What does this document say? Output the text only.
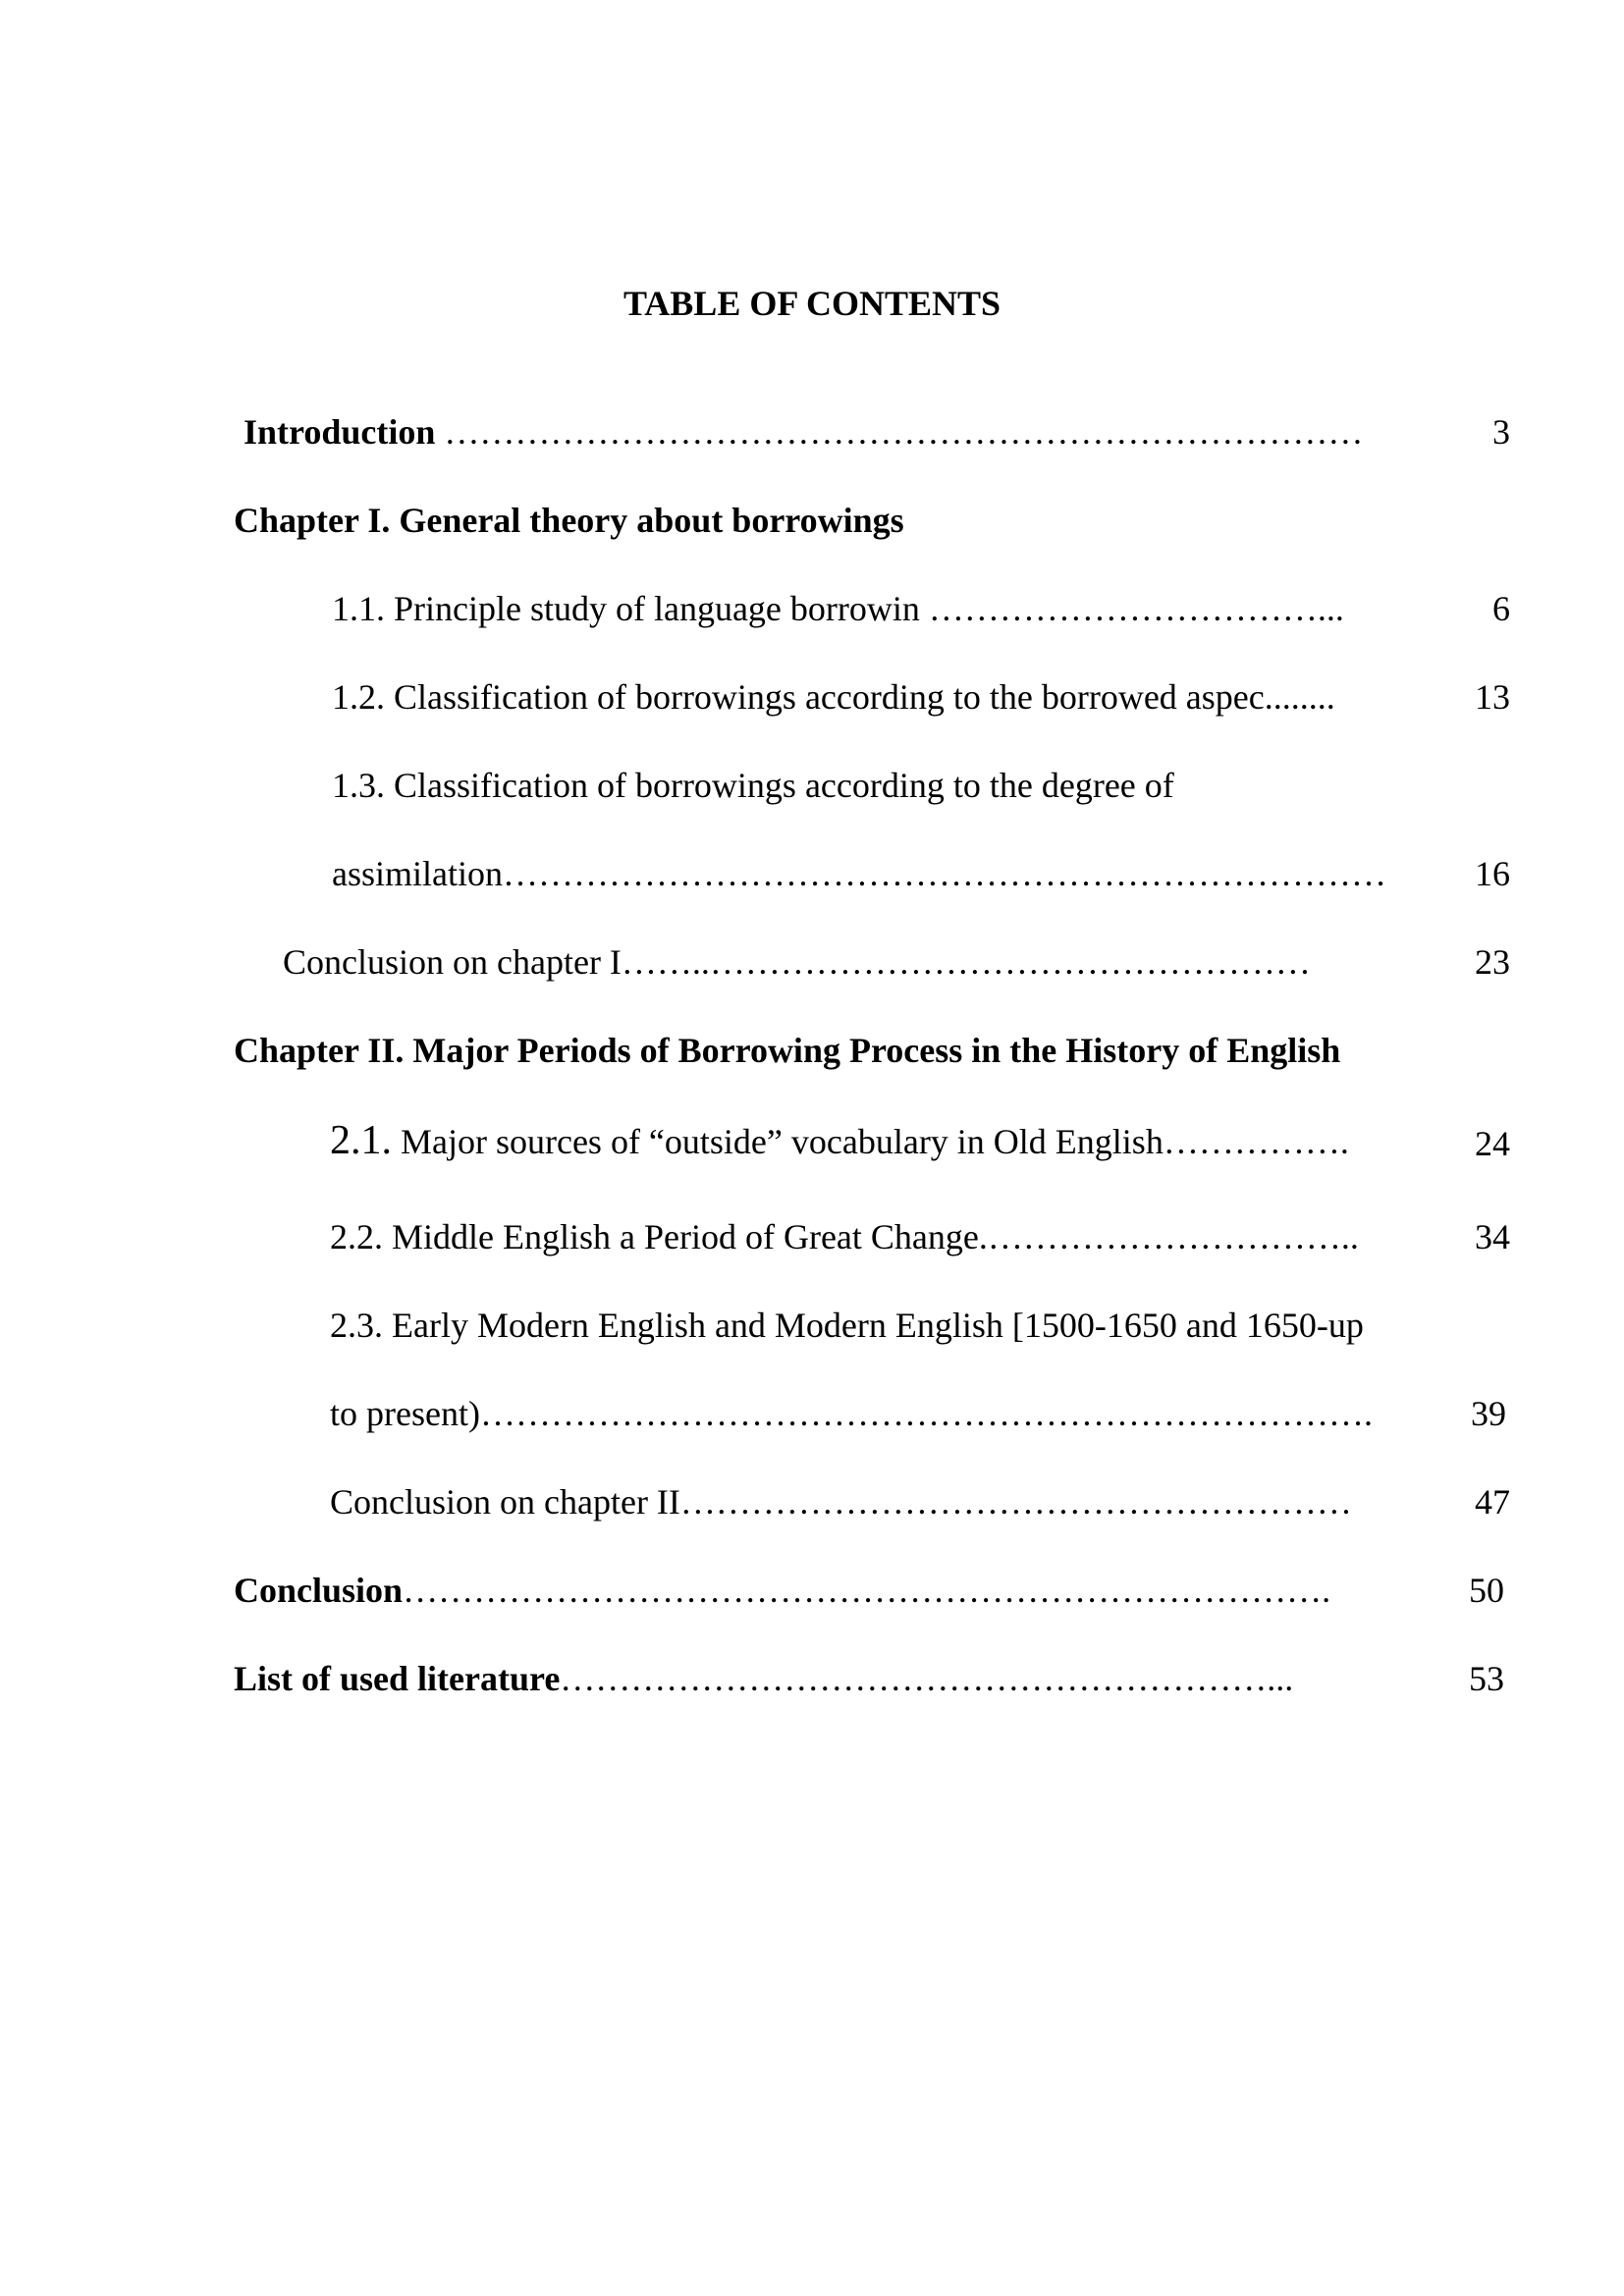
TABLE OF CONTENTS
Introduction ……………………………………………………………………	3
Chapter I. General theory about borrowings
1.1. Principle study of language borrowin ……………………………...	6
1.2. Classification of borrowings according to the borrowed aspec........	13
1.3. Classification of borrowings according to the degree of
assimilation…………………………………………………………………	16
Conclusion on chapter I……..……………………………………………	23
Chapter II. Major Periods of Borrowing Process in the History of English
2.1. Major sources of “outside” vocabulary in Old English…………….	24
2.2. Middle English a Period of Great Change.…………………………..	34
2.3. Early Modern English and Modern English [1500-1650 and 1650-up
to present)………………………………………………………………….	39
Conclusion on chapter II…………………………………………………	47
Conclusion…………………………………………………………………….	50
List of used literature……………………………………………………...	53
